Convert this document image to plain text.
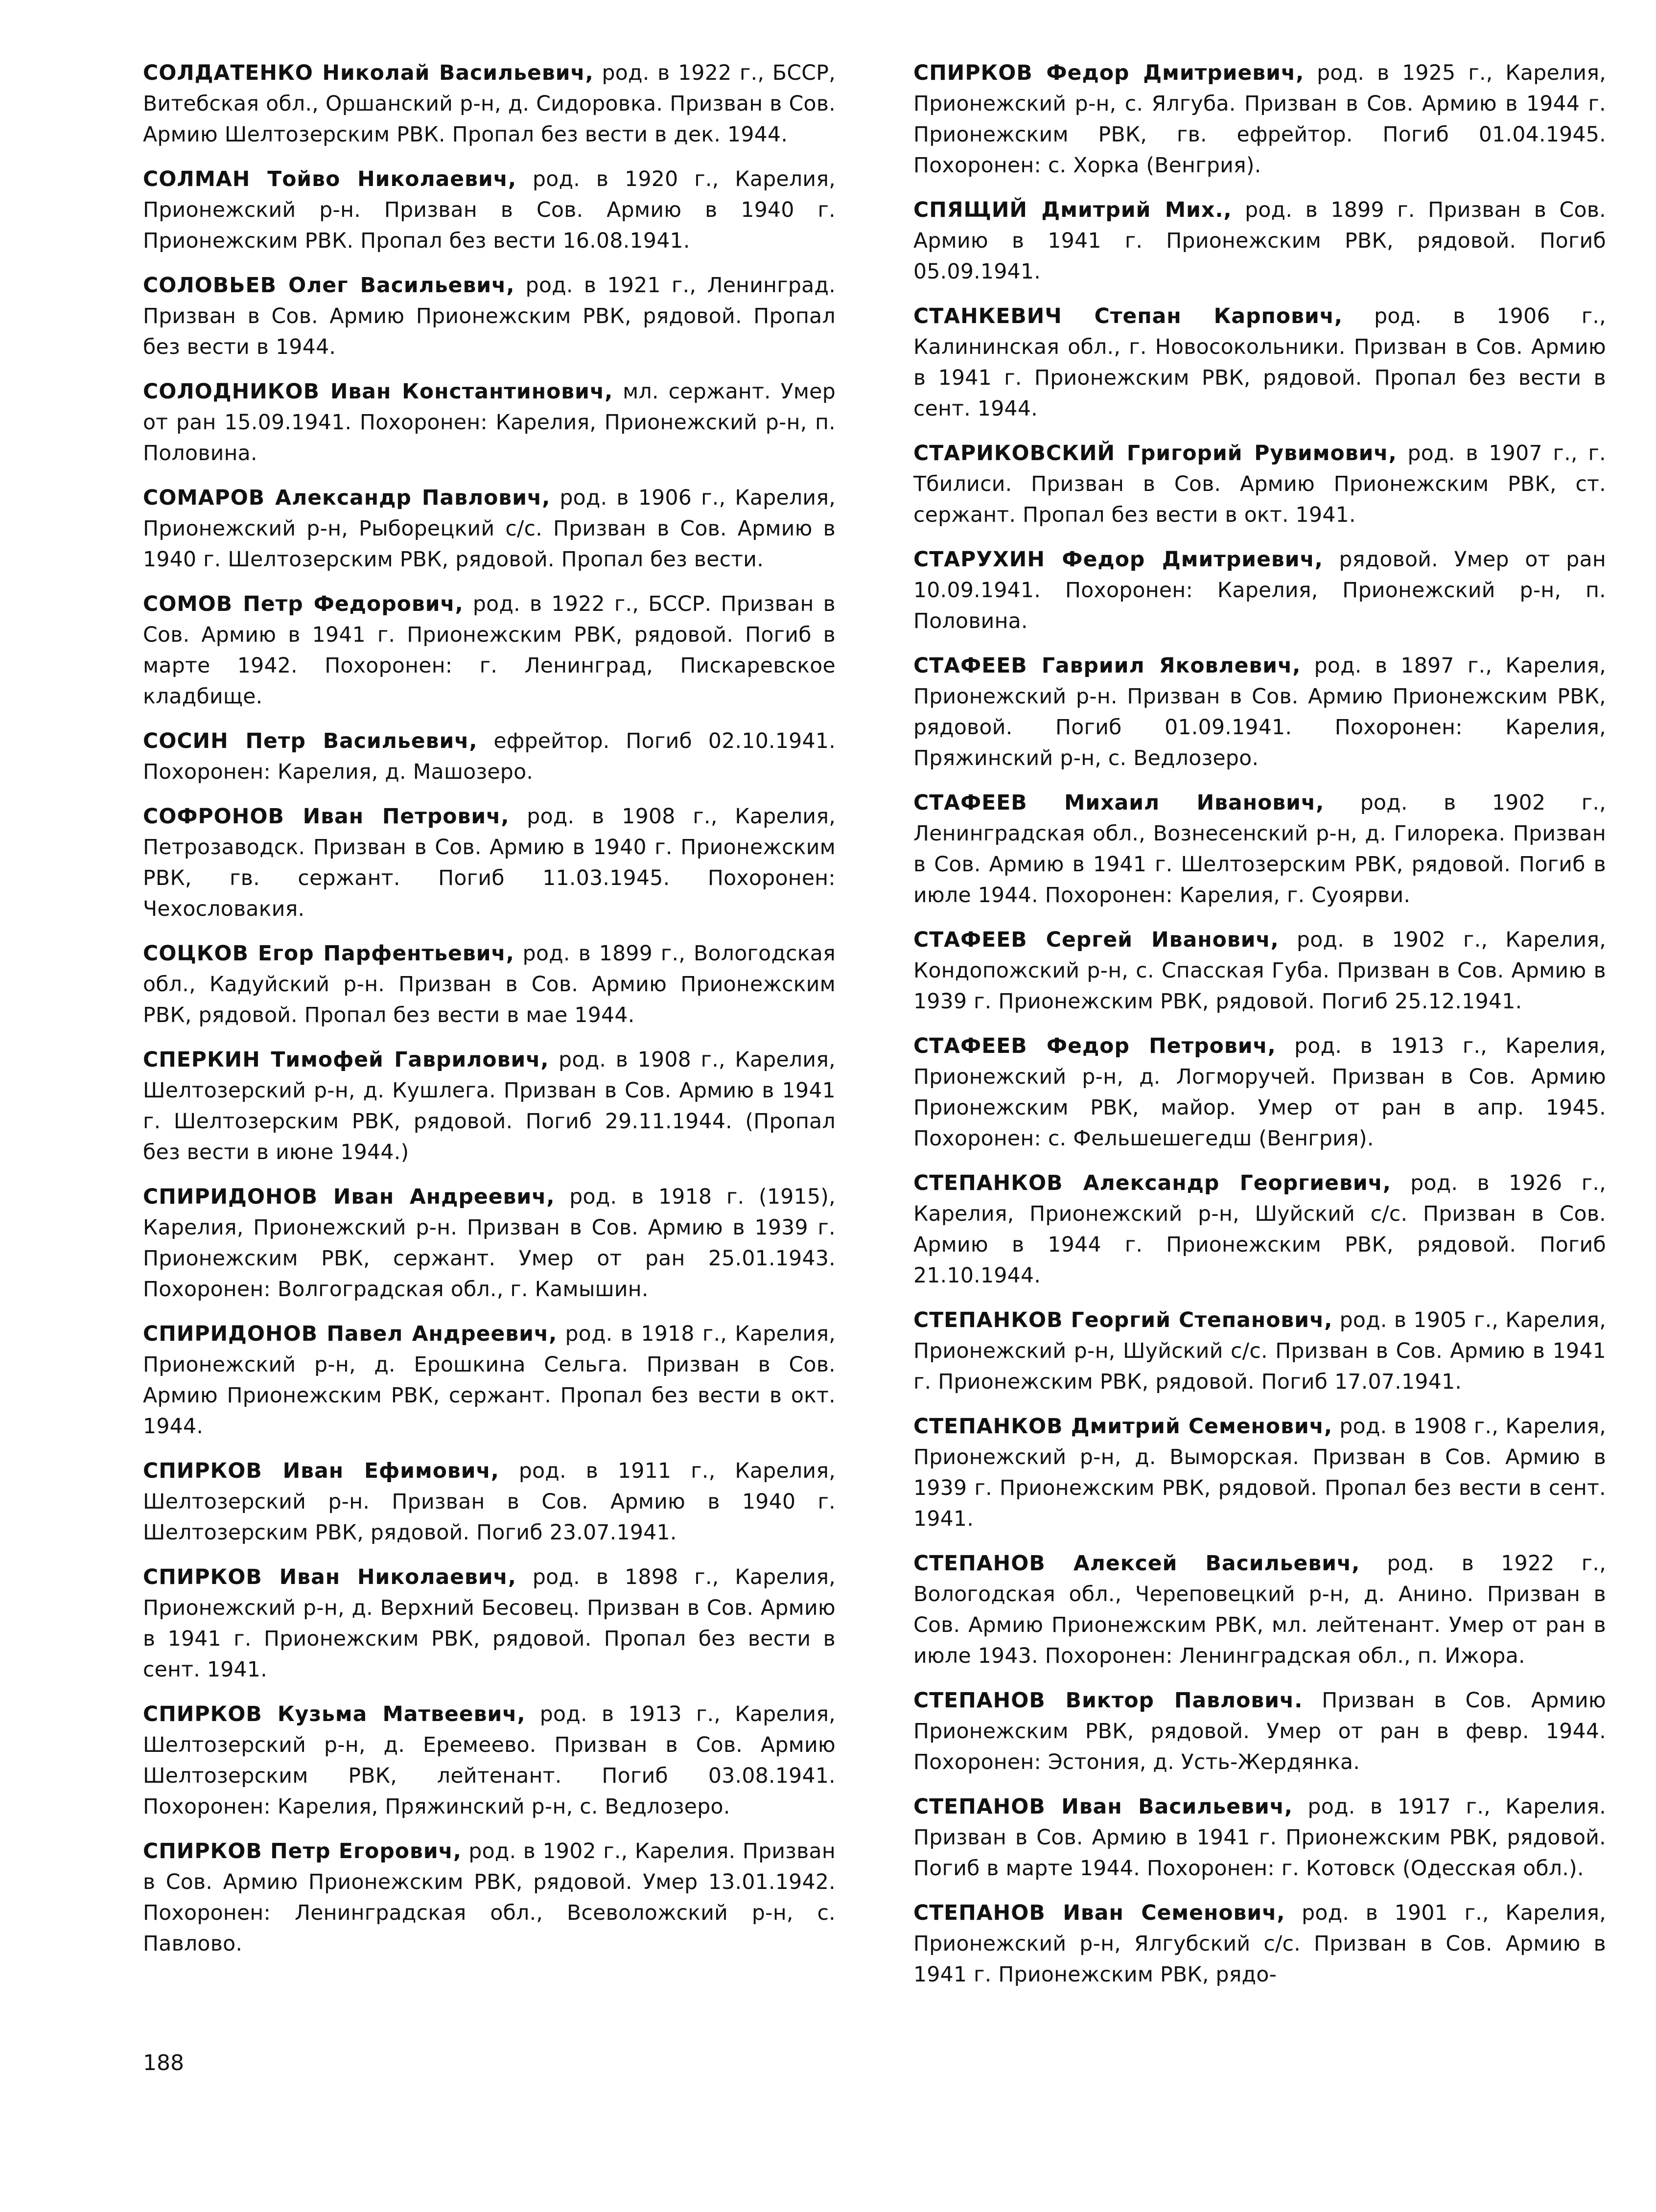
СОЛДАТЕНКО Николай Васильевич, род. в 1922 г., БССР, Витебская обл., Оршанский р-н, д. Сидоровка. Призван в Сов. Армию Шелтозерским РВК. Пропал без вести в дек. 1944.

СОЛМАН Тойво Николаевич, род. в 1920 г., Карелия, Прионежский р-н. Призван в Сов. Армию в 1940 г. Прионежским РВК. Пропал без вести 16.08.1941.

СОЛОВЬЕВ Олег Васильевич, род. в 1921 г., Ленинград. Призван в Сов. Армию Прионежским РВК, рядовой. Пропал без вести в 1944.

СОЛОДНИКОВ Иван Константинович, мл. сержант. Умер от ран 15.09.1941. Похоронен: Карелия, Прионежский р-н, п. Половина.

СОМАРОВ Александр Павлович, род. в 1906 г., Карелия, Прионежский р-н, Рыборецкий с/с. Призван в Сов. Армию в 1940 г. Шелтозерским РВК, рядовой. Пропал без вести.

СОМОВ Петр Федорович, род. в 1922 г., БССР. Призван в Сов. Армию в 1941 г. Прионежским РВК, рядовой. Погиб в марте 1942. Похоронен: г. Ленинград, Пискаревское кладбище.

СОСИН Петр Васильевич, ефрейтор. Погиб 02.10.1941. Похоронен: Карелия, д. Машозеро.

СОФРОНОВ Иван Петрович, род. в 1908 г., Карелия, Петрозаводск. Призван в Сов. Армию в 1940 г. Прионежским РВК, гв. сержант. Погиб 11.03.1945. Похоронен: Чехословакия.

СОЦКОВ Егор Парфентьевич, род. в 1899 г., Вологодская обл., Кадуйский р-н. Призван в Сов. Армию Прионежским РВК, рядовой. Пропал без вести в мае 1944.

СПЕРКИН Тимофей Гаврилович, род. в 1908 г., Карелия, Шелтозерский р-н, д. Кушлега. Призван в Сов. Армию в 1941 г. Шелтозерским РВК, рядовой. Погиб 29.11.1944. (Пропал без вести в июне 1944.)

СПИРИДОНОВ Иван Андреевич, род. в 1918 г. (1915), Карелия, Прионежский р-н. Призван в Сов. Армию в 1939 г. Прионежским РВК, сержант. Умер от ран 25.01.1943. Похоронен: Волгоградская обл., г. Камышин.

СПИРИДОНОВ Павел Андреевич, род. в 1918 г., Карелия, Прионежский р-н, д. Ерошкина Сельга. Призван в Сов. Армию Прионежским РВК, сержант. Пропал без вести в окт. 1944.

СПИРКОВ Иван Ефимович, род. в 1911 г., Карелия, Шелтозерский р-н. Призван в Сов. Армию в 1940 г. Шелтозерским РВК, рядовой. Погиб 23.07.1941.

СПИРКОВ Иван Николаевич, род. в 1898 г., Карелия, Прионежский р-н, д. Верхний Бесовец. Призван в Сов. Армию в 1941 г. Прионежским РВК, рядовой. Пропал без вести в сент. 1941.

СПИРКОВ Кузьма Матвеевич, род. в 1913 г., Карелия, Шелтозерский р-н, д. Еремеево. Призван в Сов. Армию Шелтозерским РВК, лейтенант. Погиб 03.08.1941. Похоронен: Карелия, Пряжинский р-н, с. Ведлозеро.

СПИРКОВ Петр Егорович, род. в 1902 г., Карелия. Призван в Сов. Армию Прионежским РВК, рядовой. Умер 13.01.1942. Похоронен: Ленинградская обл., Всеволожский р-н, с. Павлово.

СПИРКОВ Федор Дмитриевич, род. в 1925 г., Карелия, Прионежский р-н, с. Ялгуба. Призван в Сов. Армию в 1944 г. Прионежским РВК, гв. ефрейтор. Погиб 01.04.1945. Похоронен: с. Хорка (Венгрия).

СПЯЩИЙ Дмитрий Мих., род. в 1899 г. Призван в Сов. Армию в 1941 г. Прионежским РВК, рядовой. Погиб 05.09.1941.

СТАНКЕВИЧ Степан Карпович, род. в 1906 г., Калининская обл., г. Новосокольники. Призван в Сов. Армию в 1941 г. Прионежским РВК, рядовой. Пропал без вести в сент. 1944.

СТАРИКОВСКИЙ Григорий Рувимович, род. в 1907 г., г. Тбилиси. Призван в Сов. Армию Прионежским РВК, ст. сержант. Пропал без вести в окт. 1941.

СТАРУХИН Федор Дмитриевич, рядовой. Умер от ран 10.09.1941. Похоронен: Карелия, Прионежский р-н, п. Половина.

СТАФЕЕВ Гавриил Яковлевич, род. в 1897 г., Карелия, Прионежский р-н. Призван в Сов. Армию Прионежским РВК, рядовой. Погиб 01.09.1941. Похоронен: Карелия, Пряжинский р-н, с. Ведлозеро.

СТАФЕЕВ Михаил Иванович, род. в 1902 г., Ленинградская обл., Вознесенский р-н, д. Гилорека. Призван в Сов. Армию в 1941 г. Шелтозерским РВК, рядовой. Погиб в июле 1944. Похоронен: Карелия, г. Суоярви.

СТАФЕЕВ Сергей Иванович, род. в 1902 г., Карелия, Кондопожский р-н, с. Спасская Губа. Призван в Сов. Армию в 1939 г. Прионежским РВК, рядовой. Погиб 25.12.1941.

СТАФЕЕВ Федор Петрович, род. в 1913 г., Карелия, Прионежский р-н, д. Логморучей. Призван в Сов. Армию Прионежским РВК, майор. Умер от ран в апр. 1945. Похоронен: с. Фельшешегедш (Венгрия).

СТЕПАНКОВ Александр Георгиевич, род. в 1926 г., Карелия, Прионежский р-н, Шуйский с/с. Призван в Сов. Армию в 1944 г. Прионежским РВК, рядовой. Погиб 21.10.1944.

СТЕПАНКОВ Георгий Степанович, род. в 1905 г., Карелия, Прионежский р-н, Шуйский с/с. Призван в Сов. Армию в 1941 г. Прионежским РВК, рядовой. Погиб 17.07.1941.

СТЕПАНКОВ Дмитрий Семенович, род. в 1908 г., Карелия, Прионежский р-н, д. Выморская. Призван в Сов. Армию в 1939 г. Прионежским РВК, рядовой. Пропал без вести в сент. 1941.

СТЕПАНОВ Алексей Васильевич, род. в 1922 г., Вологодская обл., Череповецкий р-н, д. Анино. Призван в Сов. Армию Прионежским РВК, мл. лейтенант. Умер от ран в июле 1943. Похоронен: Ленинградская обл., п. Ижора.

СТЕПАНОВ Виктор Павлович. Призван в Сов. Армию Прионежским РВК, рядовой. Умер от ран в февр. 1944. Похоронен: Эстония, д. Усть-Жердянка.

СТЕПАНОВ Иван Васильевич, род. в 1917 г., Карелия. Призван в Сов. Армию в 1941 г. Прионежским РВК, рядовой. Погиб в марте 1944. Похоронен: г. Котовск (Одесская обл.).

СТЕПАНОВ Иван Семенович, род. в 1901 г., Карелия, Прионежский р-н, Ялгубский с/с. Призван в Сов. Армию в 1941 г. Прионежским РВК, рядо-

188
